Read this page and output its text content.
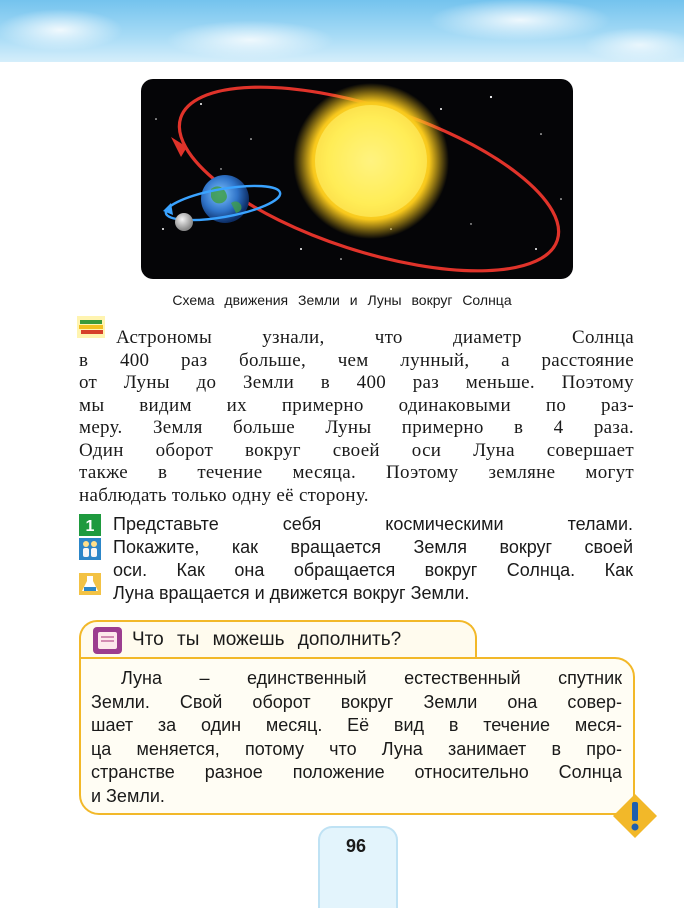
Схема движения Земли и Луны вокруг Солнца
Астрономы узнали, что диаметр Солнца
в 400 раз больше, чем лунный, а расстояние
от Луны до Земли в 400 раз меньше. Поэтому
мы видим их примерно одинаковыми по раз-
меру. Земля больше Луны примерно в 4 раза.
Один оборот вокруг своей оси Луна совершает
также в течение месяца. Поэтому земляне могут
наблюдать только одну её сторону.
1 Представьте себя космическими телами.

Покажите, как вращается Земля вокруг своей

оси. Как она обращается вокруг Солнца. Как

Луна вращается и движется вокруг Земли.

Что ты можешь дополнить?
Луна – единственный естественный спутник
Земли. Свой оборот вокруг Земли она совер-
шает за один месяц. Её вид в течение меся-
ца меняется, потому что Луна занимает в про-
странстве разное положение относительно Солнца
и Земли.
96
